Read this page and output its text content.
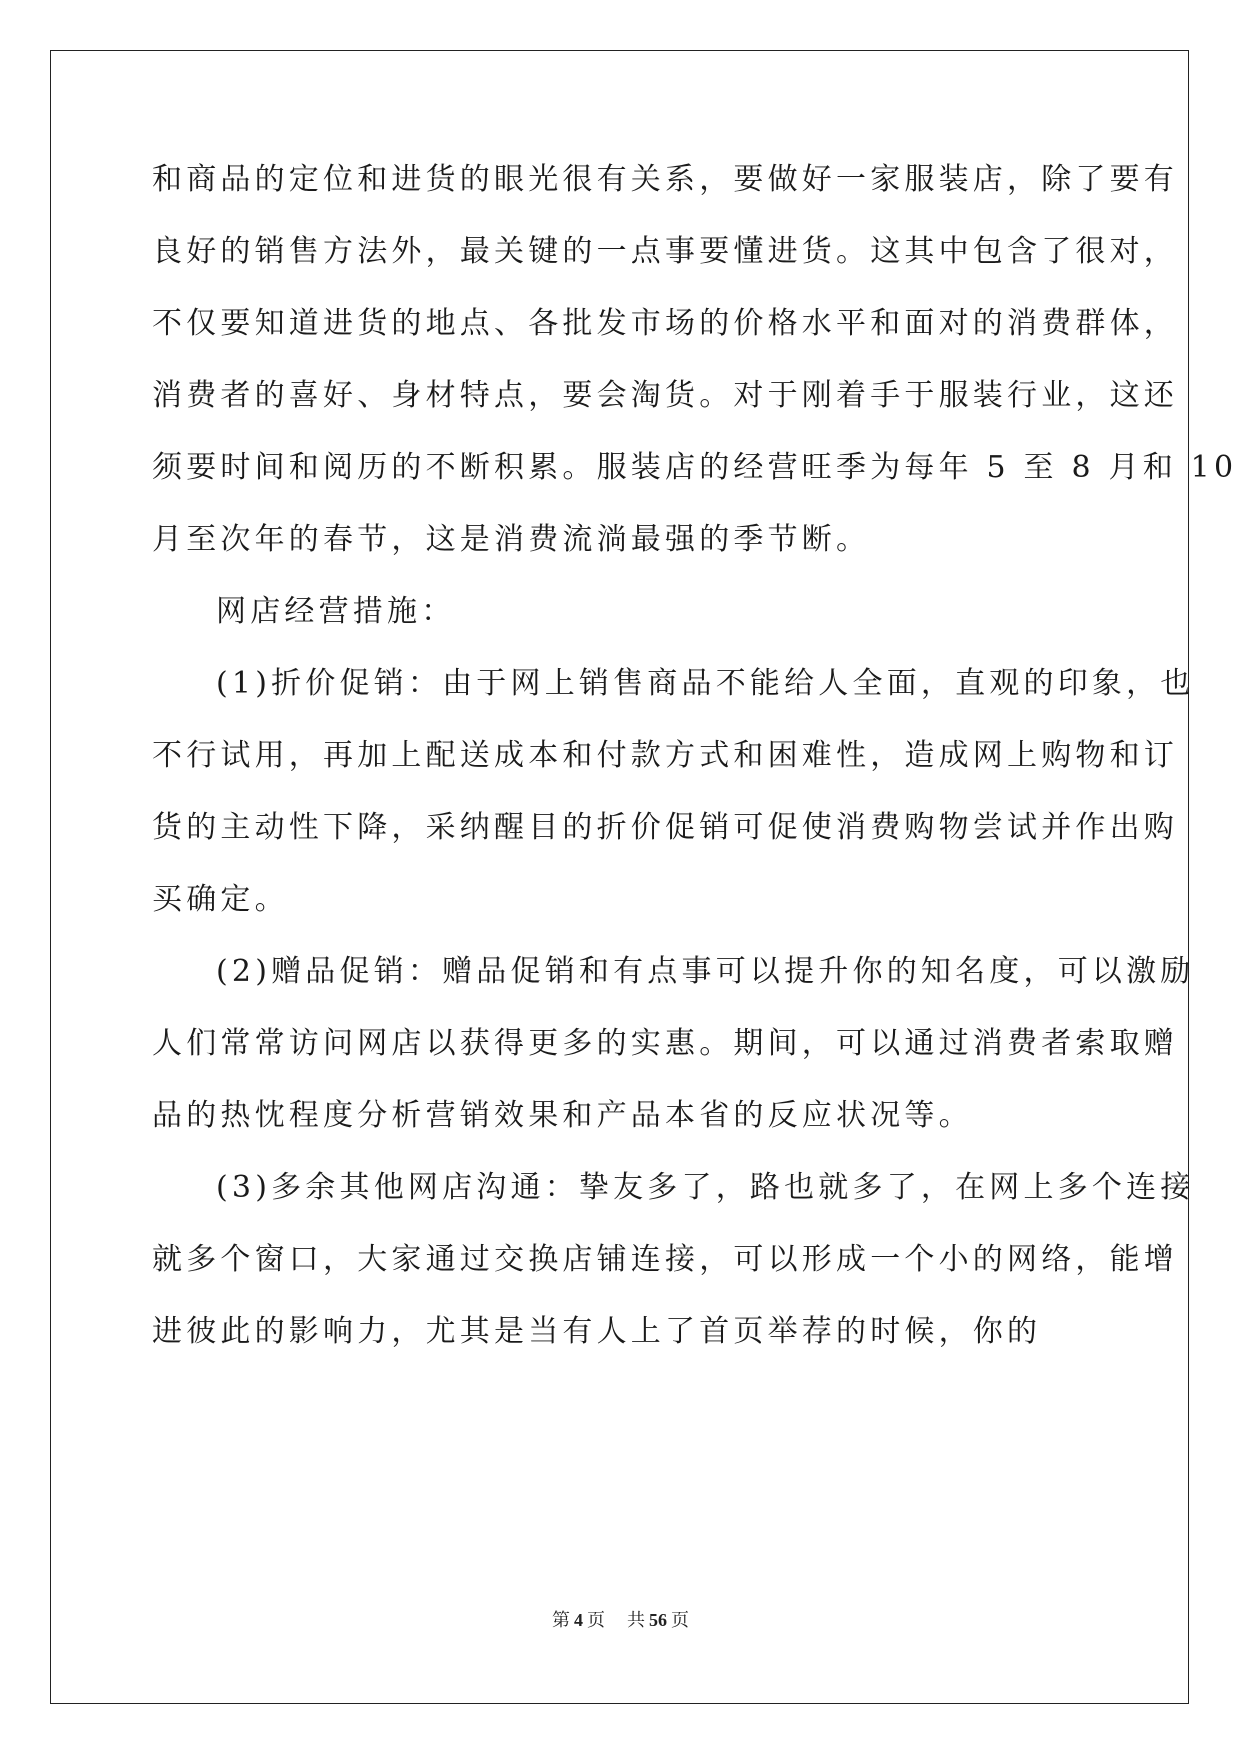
和商品的定位和进货的眼光很有关系，要做好一家服装店，除了要有
良好的销售方法外，最关键的一点事要懂进货。这其中包含了很对，
不仅要知道进货的地点、各批发市场的价格水平和面对的消费群体，
消费者的喜好、身材特点，要会淘货。对于刚着手于服装行业，这还
须要时间和阅历的不断积累。服装店的经营旺季为每年 5 至 8 月和 10
月至次年的春节，这是消费流淌最强的季节断。
网店经营措施：
(1)折价促销：由于网上销售商品不能给人全面，直观的印象，也
不行试用，再加上配送成本和付款方式和困难性，造成网上购物和订
货的主动性下降，采纳醒目的折价促销可促使消费购物尝试并作出购
买确定。
(2)赠品促销：赠品促销和有点事可以提升你的知名度，可以激励
人们常常访问网店以获得更多的实惠。期间，可以通过消费者索取赠
品的热忱程度分析营销效果和产品本省的反应状况等。
(3)多余其他网店沟通：挚友多了，路也就多了，在网上多个连接
就多个窗口，大家通过交换店铺连接，可以形成一个小的网络，能增
进彼此的影响力，尤其是当有人上了首页举荐的时候，你的
第 4 页 共 56 页
